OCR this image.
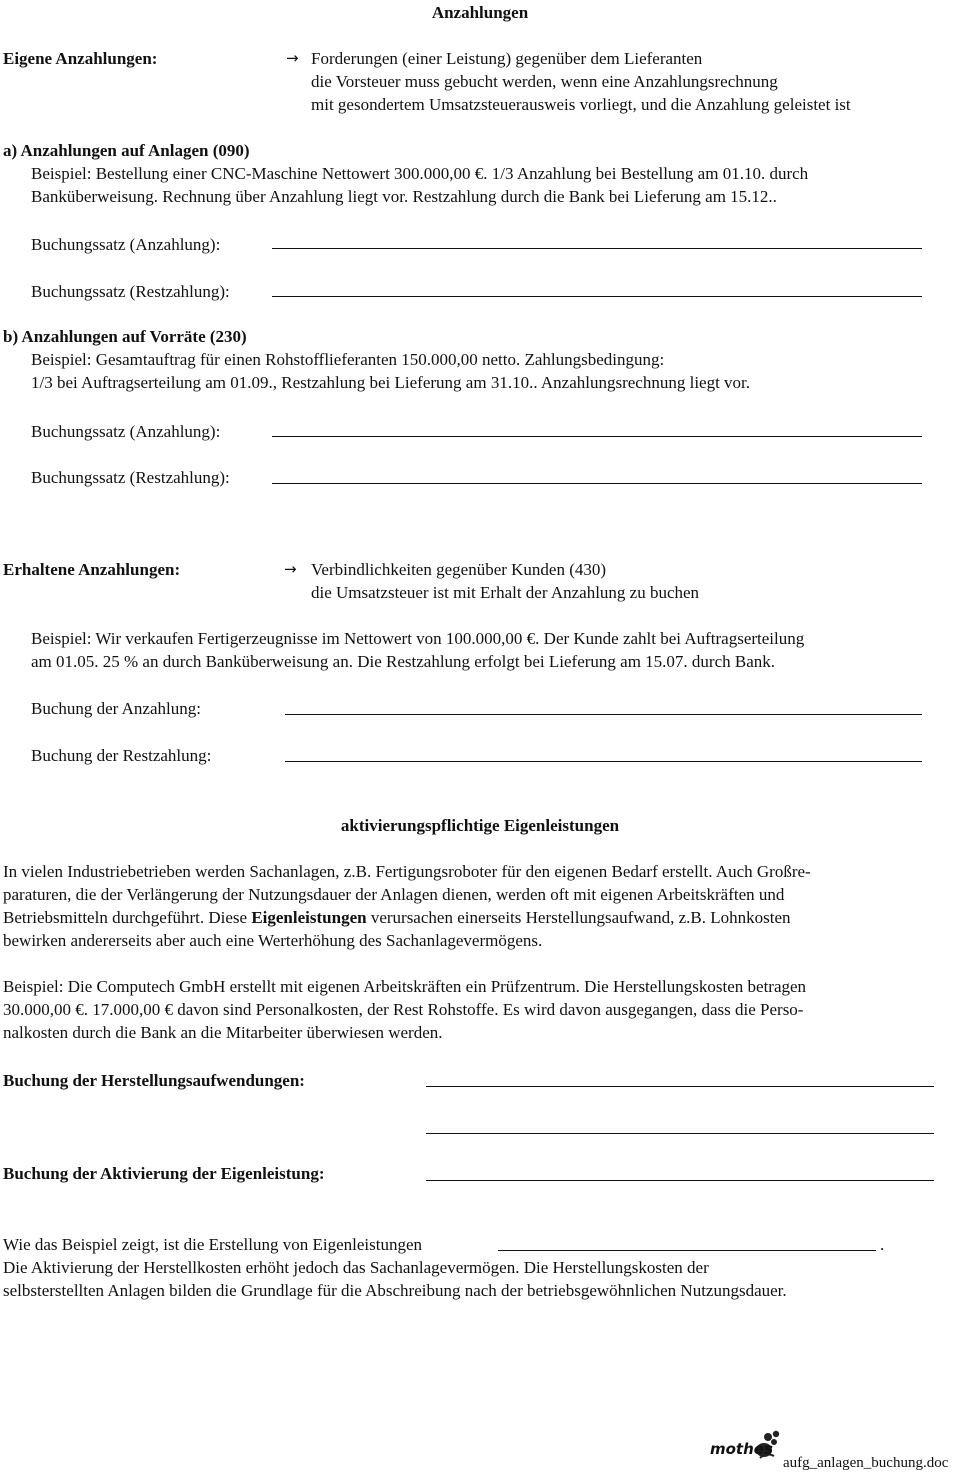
Anzahlungen
Eigene Anzahlungen:	→ Forderungen (einer Leistung) gegenüber dem Lieferanten
die Vorsteuer muss gebucht werden, wenn eine Anzahlungsrechnung
mit gesondertem Umsatzsteuerausweis vorliegt, und die Anzahlung geleistet ist
a) Anzahlungen auf Anlagen (090)
Beispiel: Bestellung einer CNC-Maschine Nettowert 300.000,00 €. 1/3 Anzahlung bei Bestellung am 01.10. durch
Banküberweisung. Rechnung über Anzahlung liegt vor. Restzahlung durch die Bank bei Lieferung am 15.12..
Buchungssatz (Anzahlung):
Buchungssatz (Restzahlung):
b) Anzahlungen auf Vorräte (230)
Beispiel: Gesamtauftrag für einen Rohstofflieferanten 150.000,00 netto. Zahlungsbedingung:
1/3 bei Auftragserteilung am 01.09., Restzahlung bei Lieferung am 31.10.. Anzahlungsrechnung liegt vor.
Buchungssatz (Anzahlung):
Buchungssatz (Restzahlung):
Erhaltene Anzahlungen:	→ Verbindlichkeiten gegenüber Kunden (430)
die Umsatzsteuer ist mit Erhalt der Anzahlung zu buchen
Beispiel: Wir verkaufen Fertigerzeugnisse im Nettowert von 100.000,00 €. Der Kunde zahlt bei Auftragserteilung
am 01.05. 25 % an durch Banküberweisung an. Die Restzahlung erfolgt bei Lieferung am 15.07. durch Bank.
Buchung der Anzahlung:
Buchung der Restzahlung:
aktivierungspflichtige Eigenleistungen
In vielen Industriebetrieben werden Sachanlagen, z.B. Fertigungsroboter für den eigenen Bedarf erstellt. Auch Großre-
paraturen, die der Verlängerung der Nutzungsdauer der Anlagen dienen, werden oft mit eigenen Arbeitskräften und
Betriebsmitteln durchgeführt. Diese Eigenleistungen verursachen einerseits Herstellungsaufwand, z.B. Lohnkosten
bewirken andererseits aber auch eine Werterhöhung des Sachanlagevermögens.
Beispiel: Die Computech GmbH erstellt mit eigenen Arbeitskräften ein Prüfzentrum. Die Herstellungskosten betragen
30.000,00 €. 17.000,00 € davon sind Personalkosten, der Rest Rohstoffe. Es wird davon ausgegangen, dass die Perso-
nalkosten durch die Bank an die Mitarbeiter überwiesen werden.
Buchung der Herstellungsaufwendungen:
Buchung der Aktivierung der Eigenleistung:
Wie das Beispiel zeigt, ist die Erstellung von Eigenleistungen	.
Die Aktivierung der Herstellkosten erhöht jedoch das Sachanlagevermögen. Die Herstellungskosten der
selbsterstellten Anlagen bilden die Grundlage für die Abschreibung nach der betriebsgewöhnlichen Nutzungsdauer.
mothes
aufg_anlagen_buchung.doc
